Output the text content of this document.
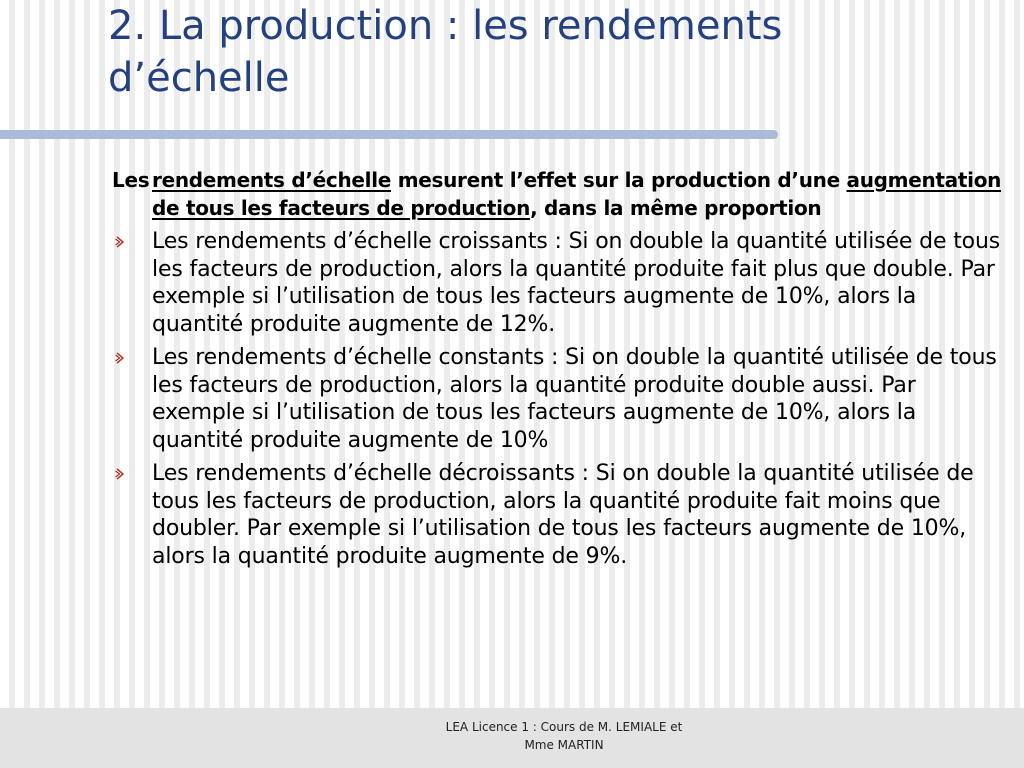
2. La production : les rendements
d’échelle

Les rendements d’échelle mesurent l’effet sur la production d’une augmentation de tous les facteurs de production, dans la même proportion

Les rendements d’échelle croissants : Si on double la quantité utilisée de tous les facteurs de production, alors la quantité produite fait plus que double. Par exemple si l’utilisation de tous les facteurs augmente de 10%, alors la quantité produite augmente de 12%.
Les rendements d’échelle constants : Si on double la quantité utilisée de tous les facteurs de production, alors la quantité produite double aussi. Par exemple si l’utilisation de tous les facteurs augmente de 10%, alors la quantité produite augmente de 10%
Les rendements d’échelle décroissants : Si on double la quantité utilisée de tous les facteurs de production, alors la quantité produite fait moins que doubler. Par exemple si l’utilisation de tous les facteurs augmente de 10%, alors la quantité produite augmente de 9%.
LEA Licence 1 : Cours de M. LEMIALE et
Mme MARTIN
